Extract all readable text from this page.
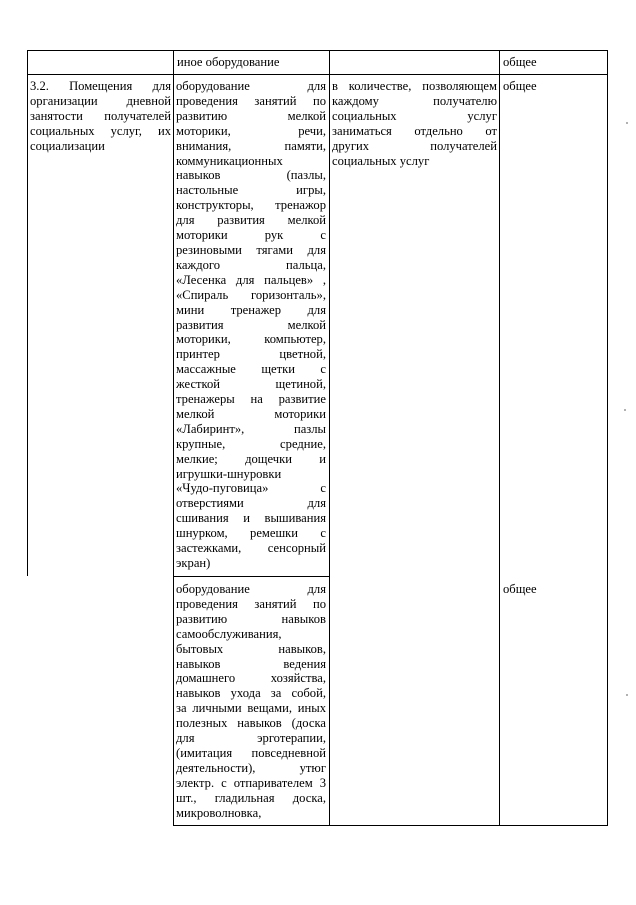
иное оборудование	общее
3.2. Помещения для
организации дневной
занятости получателей
социальных услуг, их
социализации
оборудование для
проведения занятий по
развитию мелкой
моторики, речи,
внимания, памяти,
коммуникационных
навыков (пазлы,
настольные игры,
конструкторы, тренажор
для развития мелкой
моторики рук с
резиновыми тягами для
каждого пальца,
«Лесенка для пальцев» ,
«Спираль горизонталь»,
мини тренажер для
развития мелкой
моторики, компьютер,
принтер цветной,
массажные щетки с
жесткой щетиной,
тренажеры на развитие
мелкой моторики
«Лабиринт», пазлы
крупные, средние,
мелкие; дощечки и
игрушки-шнуровки
«Чудо-пуговица» с
отверстиями для
сшивания и вышивания
шнурком, ремешки с
застежками, сенсорный
экран)
в количестве, позволяющем
каждому получателю
социальных услуг
заниматься отдельно от
других получателей
социальных услуг
общее
оборудование для
проведения занятий по
развитию навыков
самообслуживания,
бытовых навыков,
навыков ведения
домашнего хозяйства,
навыков ухода за собой,
за личными вещами, иных
полезных навыков (доска
для эрготерапии,
(имитация повседневной
деятельности), утюг
электр. с отпаривателем 3
шт., гладильная доска,
микроволновка,
общее
